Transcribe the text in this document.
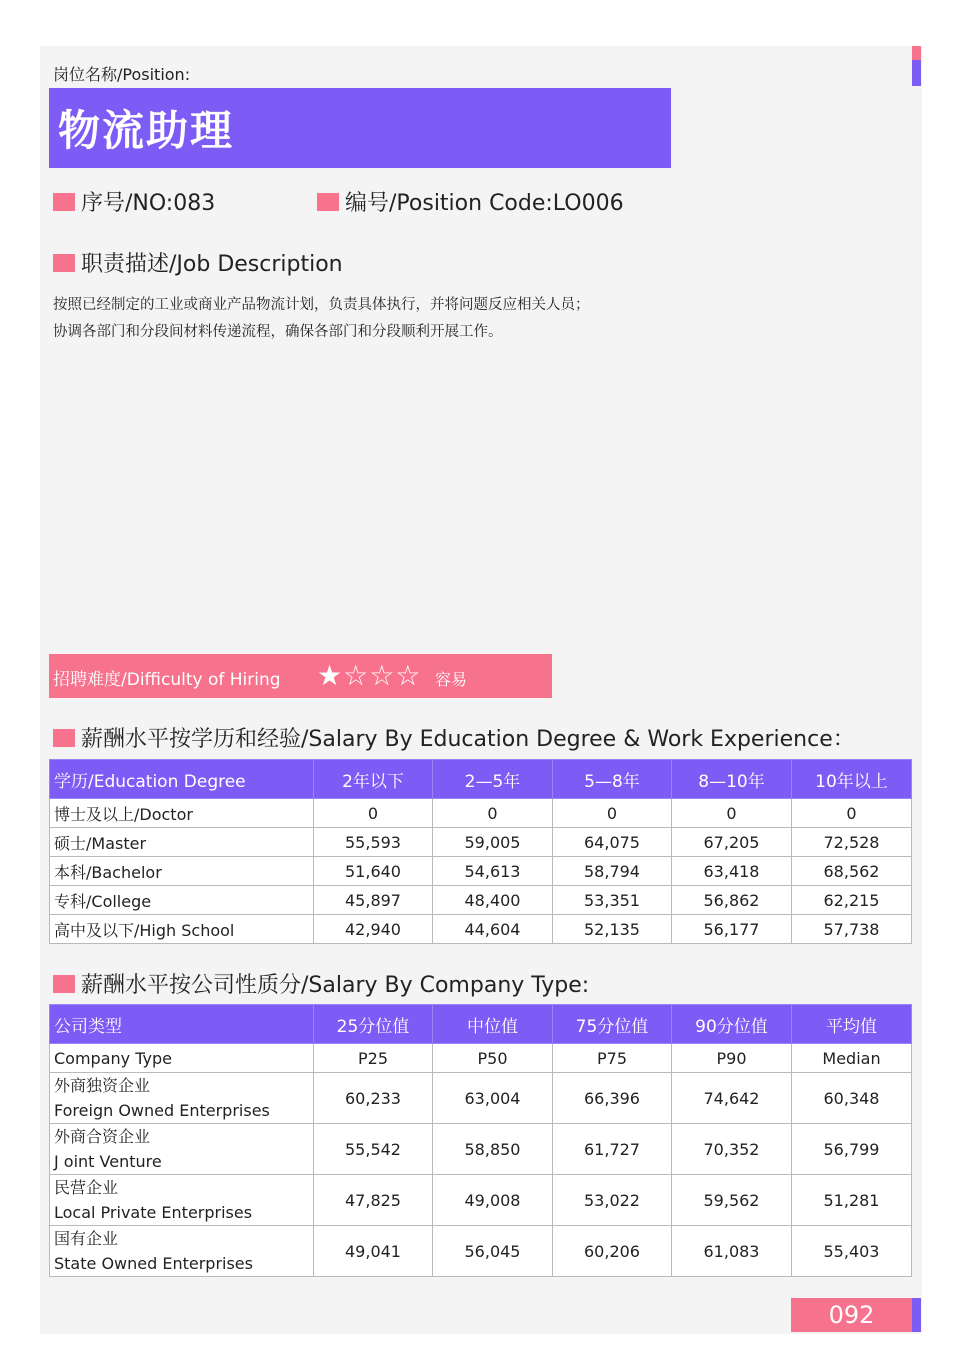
岗位名称/Position:
物流助理
序号/NO:083	编号/Position Code:LO006
职责描述/Job Description
按照已经制定的工业或商业产品物流计划，负责具体执行，并将问题反应相关人员；
协调各部门和分段间材料传递流程，确保各部门和分段顺利开展工作。
招聘难度/Difficulty of Hiring ★☆☆☆ 容易
薪酬水平按学历和经验/Salary By Education Degree & Work Experience：
学历/Education Degree	2年以下	2—5年	5—8年	8—10年	10年以上
博士及以上/Doctor	0	0	0	0	0
硕士/Master	55,593	59,005	64,075	67,205	72,528
本科/Bachelor	51,640	54,613	58,794	63,418	68,562
专科/College	45,897	48,400	53,351	56,862	62,215
高中及以下/High School	42,940	44,604	52,135	56,177	57,738
薪酬水平按公司性质分/Salary By Company Type:
公司类型	25分位值	中位值	75分位值	90分位值	平均值
Company Type	P25	P50	P75	P90	Median

外商独资企业
Foreign Owned Enterprises	60,233	63,004	66,396	74,642	60,348

外商合资企业
J oint Venture	55,542	58,850	61,727	70,352	56,799

民营企业
Local Private Enterprises	47,825	49,008	53,022	59,562	51,281

国有企业
State Owned Enterprises	49,041	56,045	60,206	61,083	55,403
092
